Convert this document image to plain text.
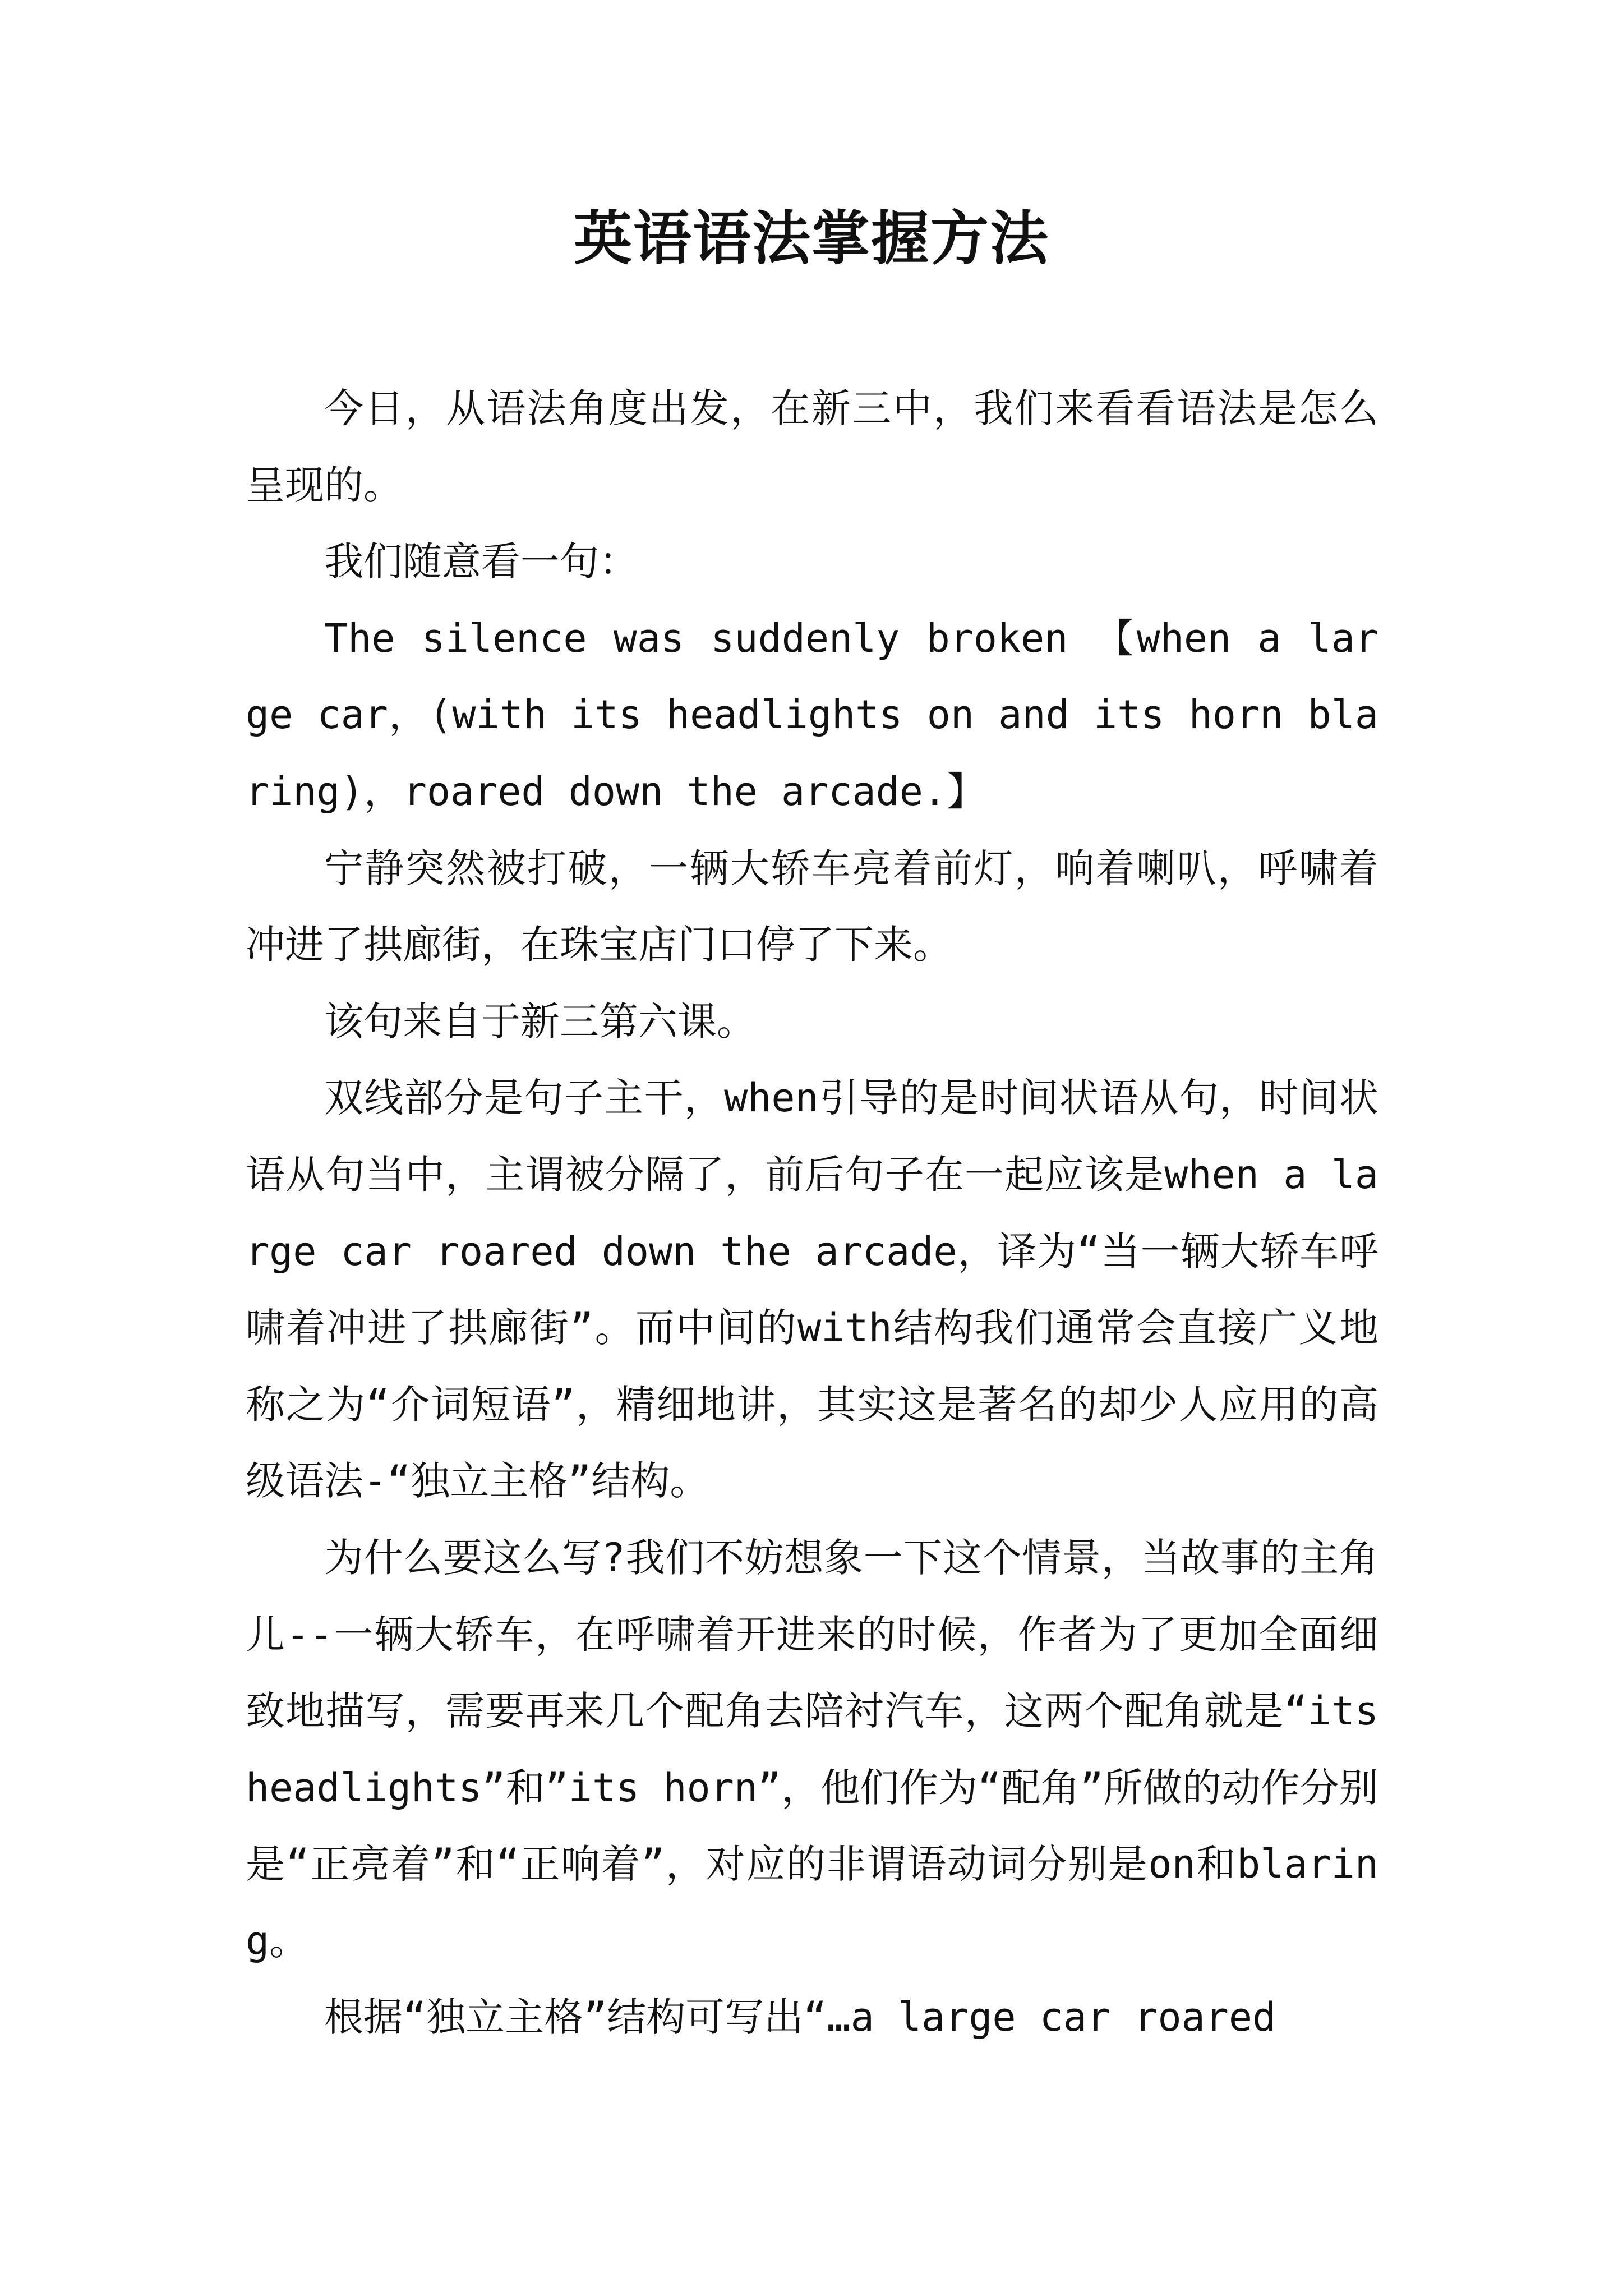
英语语法掌握方法

今日，从语法角度出发，在新三中，我们来看看语法是怎么呈现的。

我们随意看一句：

The silence was suddenly broken 【when a large car，(with its headlights on and its horn blaring)，roared down the arcade.】

宁静突然被打破，一辆大轿车亮着前灯，响着喇叭，呼啸着冲进了拱廊街，在珠宝店门口停了下来。

该句来自于新三第六课。

双线部分是句子主干，when引导的是时间状语从句，时间状语从句当中，主谓被分隔了，前后句子在一起应该是when a large car roared down the arcade，译为“当一辆大轿车呼啸着冲进了拱廊街”。而中间的with结构我们通常会直接广义地称之为“介词短语”，精细地讲，其实这是著名的却少人应用的高级语法-“独立主格”结构。

为什么要这么写?我们不妨想象一下这个情景，当故事的主角儿--一辆大轿车，在呼啸着开进来的时候，作者为了更加全面细致地描写，需要再来几个配角去陪衬汽车，这两个配角就是“its headlights”和”its horn”，他们作为“配角”所做的动作分别是“正亮着”和“正响着”，对应的非谓语动词分别是on和blaring。

根据“独立主格”结构可写出“…a large car roared
